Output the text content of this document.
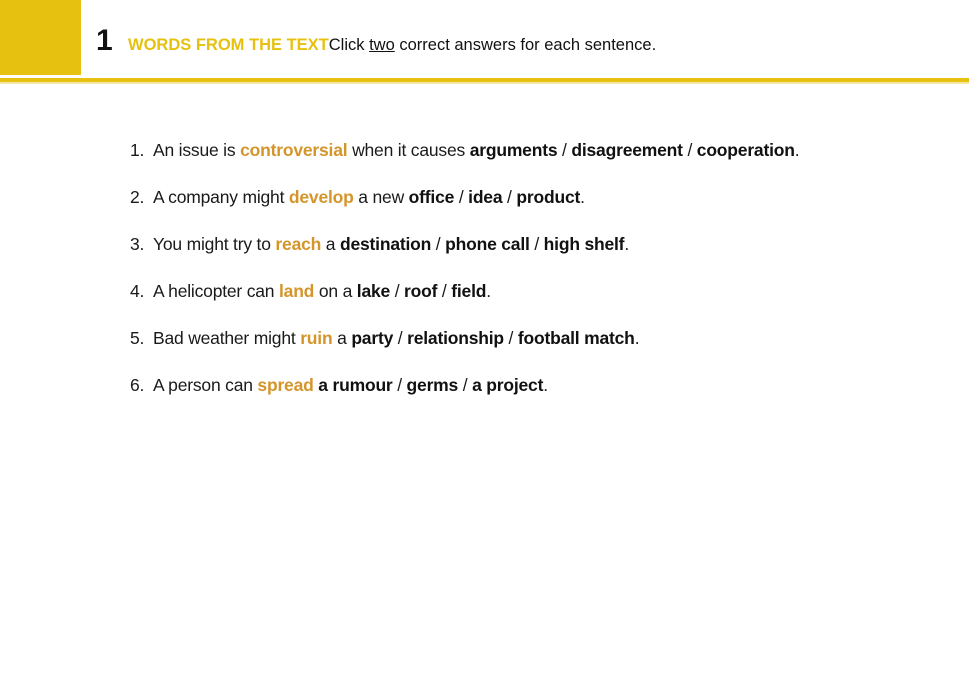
1 WORDS FROM THE TEXTClick two correct answers for each sentence.
1. An issue is controversial when it causes arguments / disagreement / cooperation.
2. A company might develop a new office / idea / product.
3. You might try to reach a destination / phone call / high shelf.
4. A helicopter can land on a lake / roof / field.
5. Bad weather might ruin a party / relationship / football match.
6. A person can spread a rumour / germs / a project.
